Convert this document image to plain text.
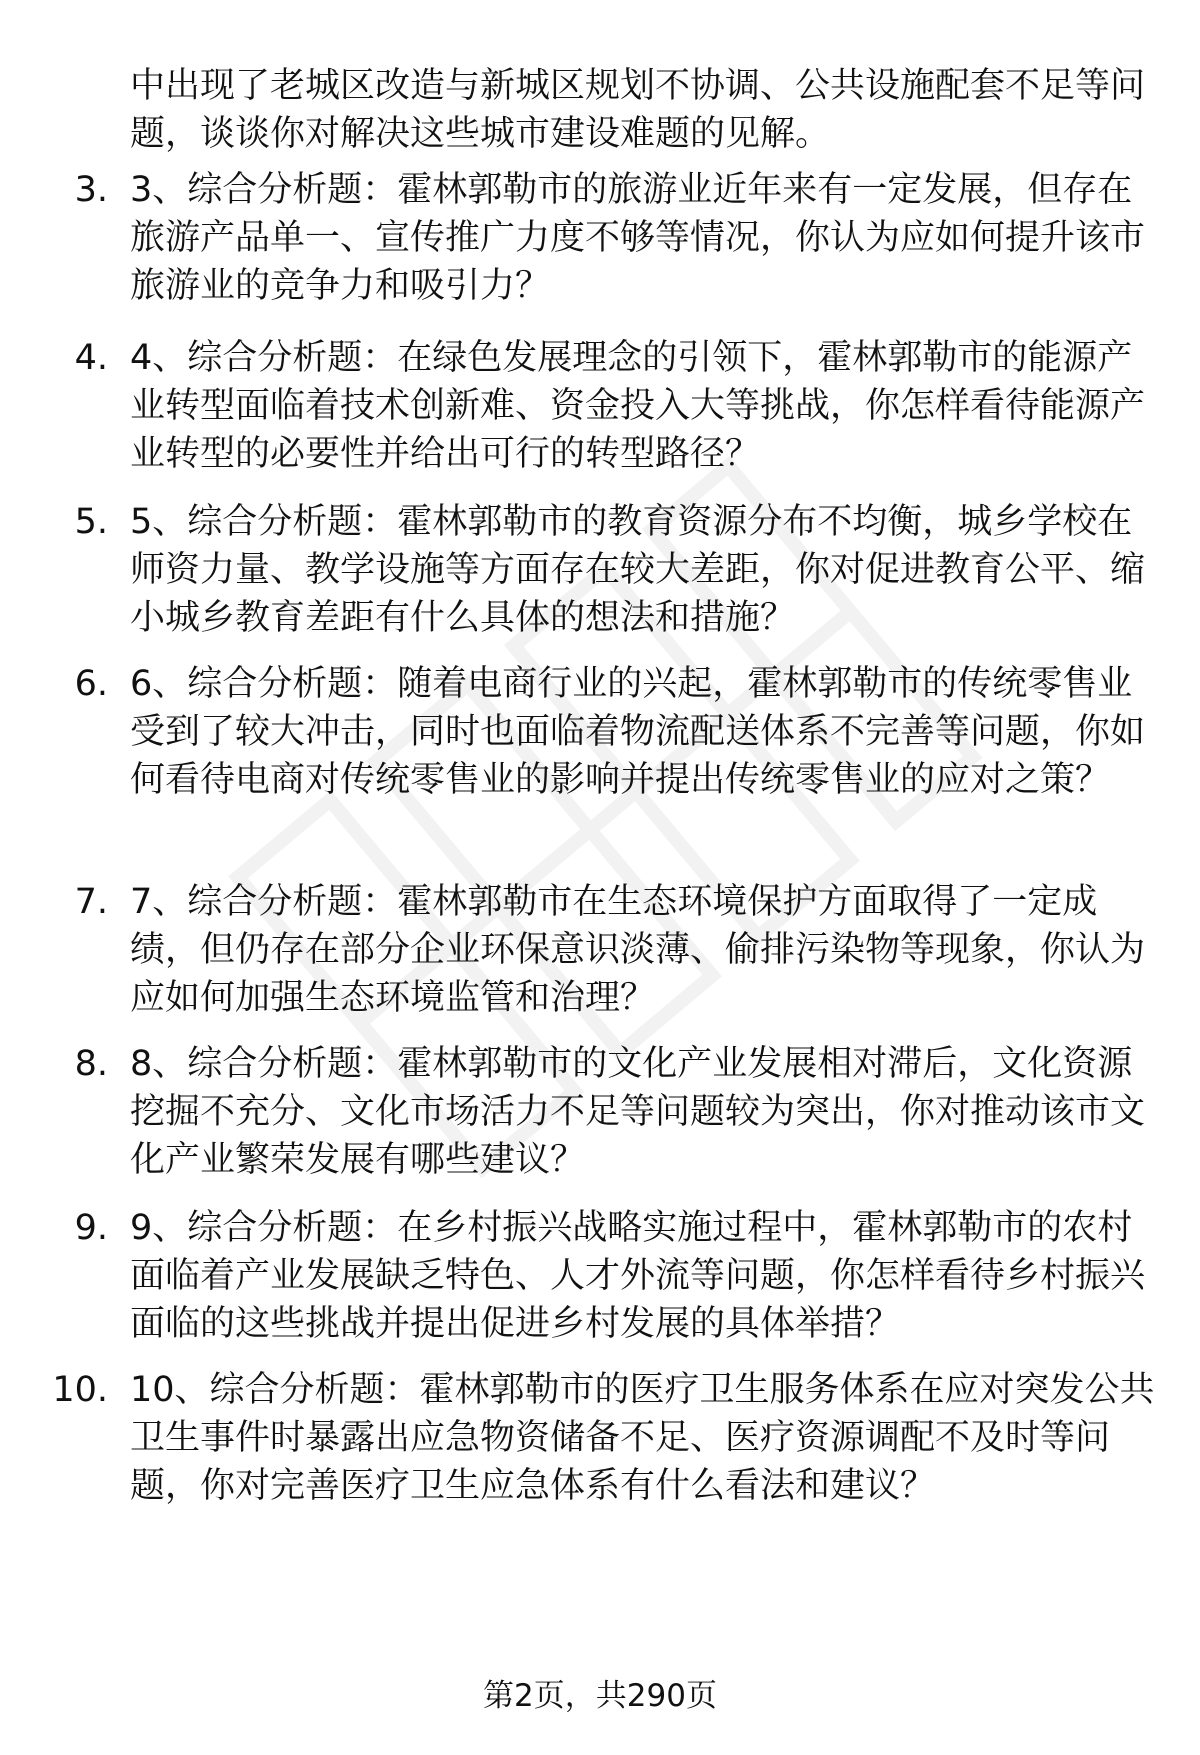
中出现了老城区改造与新城区规划不协调、公共设施配套不足等问题，谈谈你对解决这些城市建设难题的见解。
3. 3、综合分析题：霍林郭勒市的旅游业近年来有一定发展，但存在旅游产品单一、宣传推广力度不够等情况，你认为应如何提升该市旅游业的竞争力和吸引力？
4. 4、综合分析题：在绿色发展理念的引领下，霍林郭勒市的能源产业转型面临着技术创新难、资金投入大等挑战，你怎样看待能源产业转型的必要性并给出可行的转型路径？
5. 5、综合分析题：霍林郭勒市的教育资源分布不均衡，城乡学校在师资力量、教学设施等方面存在较大差距，你对促进教育公平、缩小城乡教育差距有什么具体的想法和措施？
6. 6、综合分析题：随着电商行业的兴起，霍林郭勒市的传统零售业受到了较大冲击，同时也面临着物流配送体系不完善等问题，你如何看待电商对传统零售业的影响并提出传统零售业的应对之策？
7. 7、综合分析题：霍林郭勒市在生态环境保护方面取得了一定成绩，但仍存在部分企业环保意识淡薄、偷排污染物等现象，你认为应如何加强生态环境监管和治理？
8. 8、综合分析题：霍林郭勒市的文化产业发展相对滞后，文化资源挖掘不充分、文化市场活力不足等问题较为突出，你对推动该市文化产业繁荣发展有哪些建议？
9. 9、综合分析题：在乡村振兴战略实施过程中，霍林郭勒市的农村面临着产业发展缺乏特色、人才外流等问题，你怎样看待乡村振兴面临的这些挑战并提出促进乡村发展的具体举措？
10. 10、综合分析题：霍林郭勒市的医疗卫生服务体系在应对突发公共卫生事件时暴露出应急物资储备不足、医疗资源调配不及时等问题，你对完善医疗卫生应急体系有什么看法和建议？
第2页，共290页
